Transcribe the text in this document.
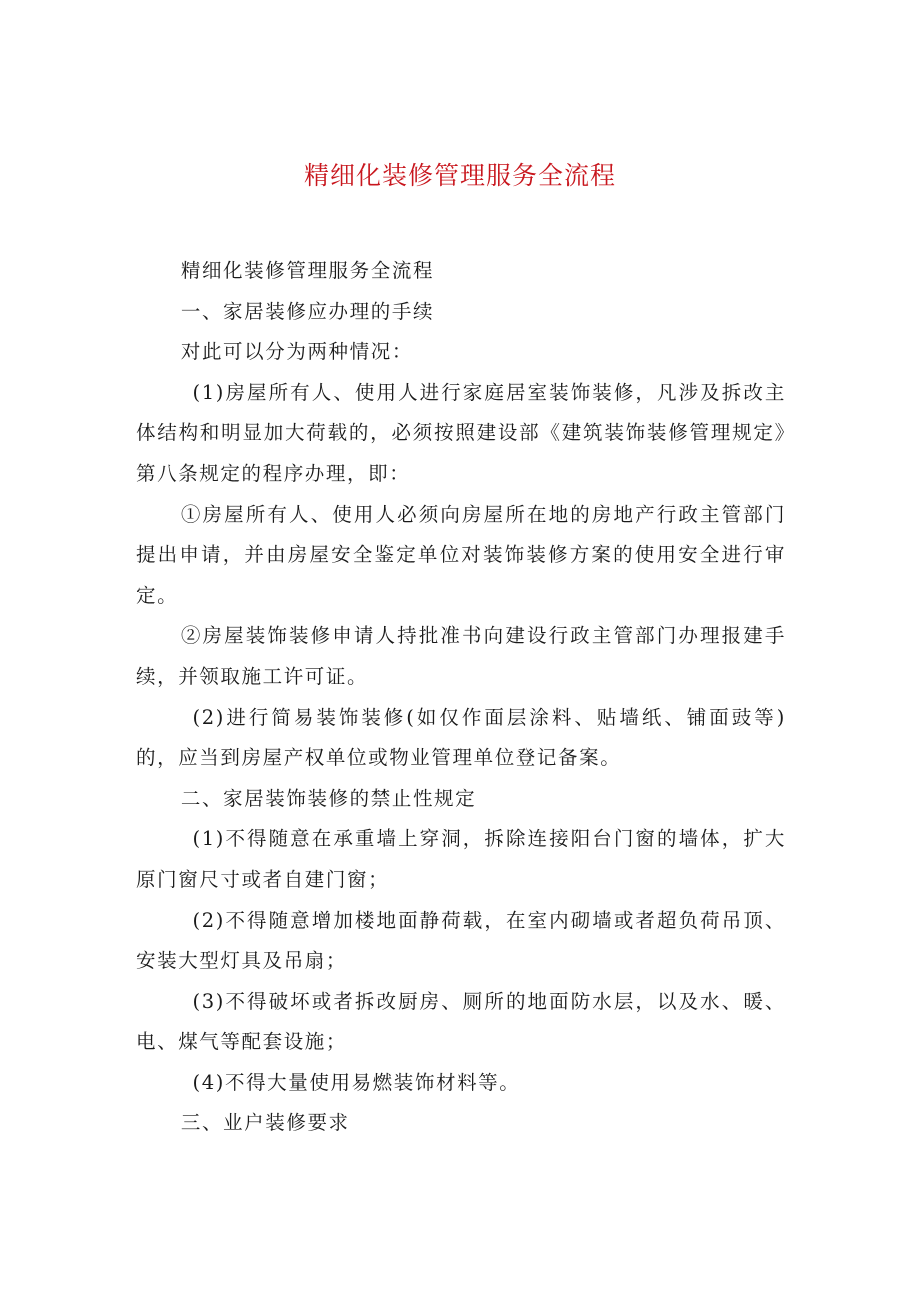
精细化装修管理服务全流程

精细化装修管理服务全流程

一、家居装修应办理的手续

对此可以分为两种情况：

(1)房屋所有人、使用人进行家庭居室装饰装修，凡涉及拆改主体结构和明显加大荷载的，必须按照建设部《建筑装饰装修管理规定》第八条规定的程序办理，即：

①房屋所有人、使用人必须向房屋所在地的房地产行政主管部门提出申请，并由房屋安全鉴定单位对装饰装修方案的使用安全进行审定。

②房屋装饰装修申请人持批准书向建设行政主管部门办理报建手续，并领取施工许可证。

(2)进行简易装饰装修(如仅作面层涂料、贴墙纸、铺面豉等)的，应当到房屋产权单位或物业管理单位登记备案。

二、家居装饰装修的禁止性规定

(1)不得随意在承重墙上穿洞，拆除连接阳台门窗的墙体，扩大原门窗尺寸或者自建门窗；

(2)不得随意增加楼地面静荷载，在室内砌墙或者超负荷吊顶、安装大型灯具及吊扇；

(3)不得破坏或者拆改厨房、厕所的地面防水层，以及水、暖、电、煤气等配套设施；

(4)不得大量使用易燃装饰材料等。

三、业户装修要求
